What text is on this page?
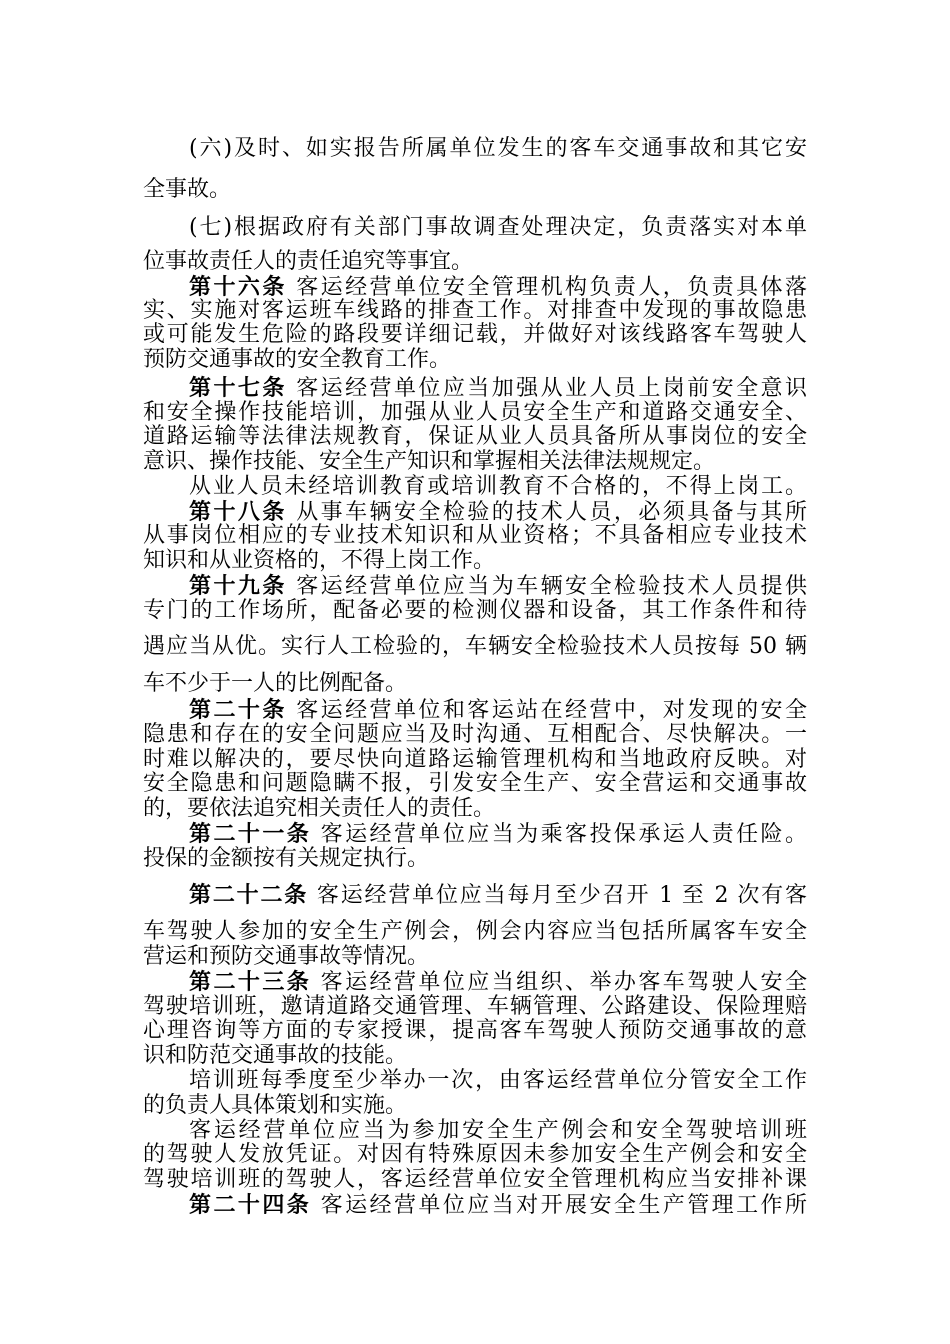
(六)及时、如实报告所属单位发生的客车交通事故和其它安
全事故。
(七)根据政府有关部门事故调查处理决定，负责落实对本单
位事故责任人的责任追究等事宜。
第十六条 客运经营单位安全管理机构负责人，负责具体落
实、实施对客运班车线路的排查工作。对排查中发现的事故隐患
或可能发生危险的路段要详细记载，并做好对该线路客车驾驶人
预防交通事故的安全教育工作。
第十七条 客运经营单位应当加强从业人员上岗前安全意识
和安全操作技能培训，加强从业人员安全生产和道路交通安全、
道路运输等法律法规教育，保证从业人员具备所从事岗位的安全
意识、操作技能、安全生产知识和掌握相关法律法规规定。
从业人员未经培训教育或培训教育不合格的，不得上岗工。
第十八条 从事车辆安全检验的技术人员，必须具备与其所
从事岗位相应的专业技术知识和从业资格；不具备相应专业技术
知识和从业资格的，不得上岗工作。
第十九条 客运经营单位应当为车辆安全检验技术人员提供
专门的工作场所，配备必要的检测仪器和设备，其工作条件和待
遇应当从优。实行人工检验的，车辆安全检验技术人员按每 50 辆
车不少于一人的比例配备。
第二十条 客运经营单位和客运站在经营中，对发现的安全
隐患和存在的安全问题应当及时沟通、互相配合、尽快解决。一
时难以解决的，要尽快向道路运输管理机构和当地政府反映。对
安全隐患和问题隐瞒不报，引发安全生产、安全营运和交通事故
的，要依法追究相关责任人的责任。
第二十一条 客运经营单位应当为乘客投保承运人责任险。
投保的金额按有关规定执行。
第二十二条 客运经营单位应当每月至少召开 1 至 2 次有客
车驾驶人参加的安全生产例会，例会内容应当包括所属客车安全
营运和预防交通事故等情况。
第二十三条 客运经营单位应当组织、举办客车驾驶人安全
驾驶培训班，邀请道路交通管理、车辆管理、公路建设、保险理赔
心理咨询等方面的专家授课，提高客车驾驶人预防交通事故的意
识和防范交通事故的技能。
培训班每季度至少举办一次，由客运经营单位分管安全工作
的负责人具体策划和实施。
客运经营单位应当为参加安全生产例会和安全驾驶培训班
的驾驶人发放凭证。对因有特殊原因未参加安全生产例会和安全
驾驶培训班的驾驶人，客运经营单位安全管理机构应当安排补课
第二十四条 客运经营单位应当对开展安全生产管理工作所
